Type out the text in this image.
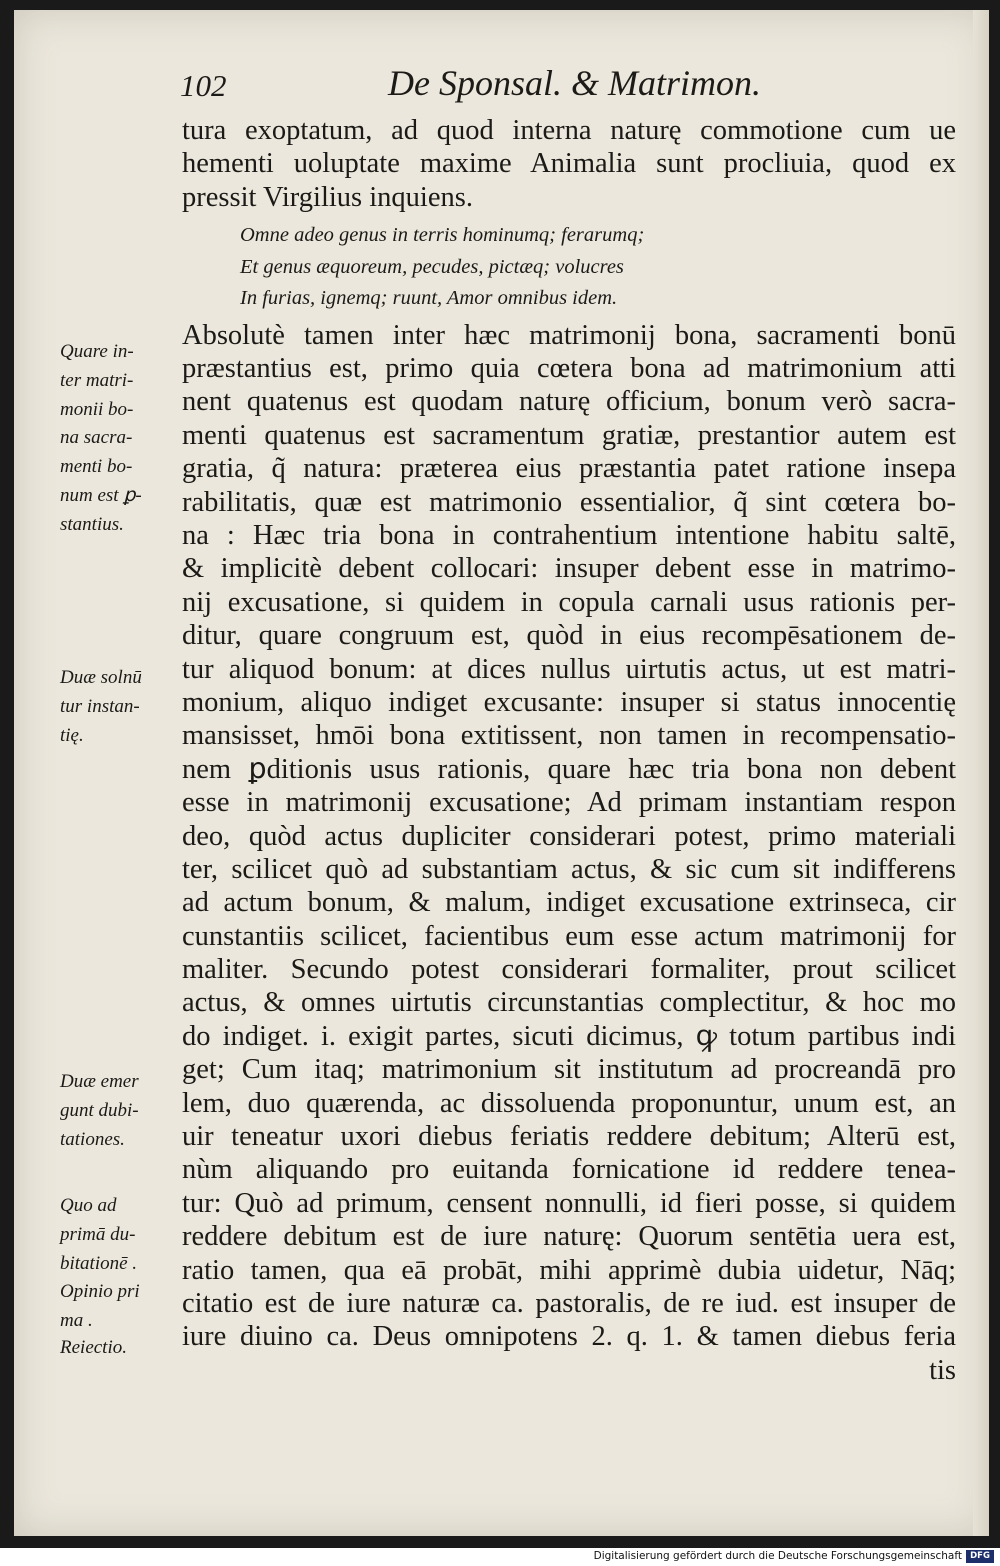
102	De Sponsal. & Matrimon.
tura exoptatum, ad quod interna naturę commotione cum ue
hementi uoluptate maxime Animalia sunt procliuia, quod ex
pressit Virgilius inquiens.
Omne adeo genus in terris hominumq; ferarumq;
Et genus æquoreum, pecudes, pictæq; volucres
In furias, ignemq; ruunt, Amor omnibus idem.
Absolutè tamen inter hæc matrimonij bona, sacramenti bonū
præstantius est, primo quia cœtera bona ad matrimonium atti
nent quatenus est quodam naturę officium, bonum verò sacra-
menti quatenus est sacramentum gratiæ, prestantior autem est
gratia, q̃ natura: præterea eius præstantia patet ratione insepa
rabilitatis, quæ est matrimonio essentialior, q̃ sint cœtera bo-
na : Hæc tria bona in contrahentium intentione habitu saltē,
& implicitè debent collocari: insuper debent esse in matrimo-
nij excusatione, si quidem in copula carnali usus rationis per-
ditur, quare congruum est, quòd in eius recompēsationem de-
tur aliquod bonum: at dices nullus uirtutis actus, ut est matri-
monium, aliquo indiget excusante: insuper si status innocentię
mansisset, hmōi bona extitissent, non tamen in recompensatio-
nem ꝑditionis usus rationis, quare hæc tria bona non debent
esse in matrimonij excusatione; Ad primam instantiam respon
deo, quòd actus dupliciter considerari potest, primo materiali
ter, scilicet quò ad substantiam actus, & sic cum sit indifferens
ad actum bonum, & malum, indiget excusatione extrinseca, cir
cunstantiis scilicet, facientibus eum esse actum matrimonij for
maliter. Secundo potest considerari formaliter, prout scilicet
actus, & omnes uirtutis circunstantias complectitur, & hoc mo
do indiget. i. exigit partes, sicuti dicimus, ꝙ totum partibus indi
get; Cum itaq; matrimonium sit institutum ad procreandā pro
lem, duo quærenda, ac dissoluenda proponuntur, unum est, an
uir teneatur uxori diebus feriatis reddere debitum; Alterū est,
nùm aliquando pro euitanda fornicatione id reddere tenea-
tur: Quò ad primum, censent nonnulli, id fieri posse, si quidem
reddere debitum est de iure naturę: Quorum sentētia uera est,
ratio tamen, qua eā probāt, mihi apprimè dubia uidetur, Nāq;
citatio est de iure naturæ ca. pastoralis, de re iud. est insuper de
iure diuino ca. Deus omnipotens 2. q. 1. & tamen diebus feria
tis
Quare in-
ter matri-
monii bo-
na sacra-
menti bo-
num est ꝑ-
stantius.
Duæ solnū
tur instan-
tię.
Duæ emer
gunt dubi-
tationes.
Quo ad
primā du-
bitationē .
Opinio pri
ma .
Reiectio.
Digitalisierung gefördert durch die Deutsche Forschungsgemeinschaft DFG
